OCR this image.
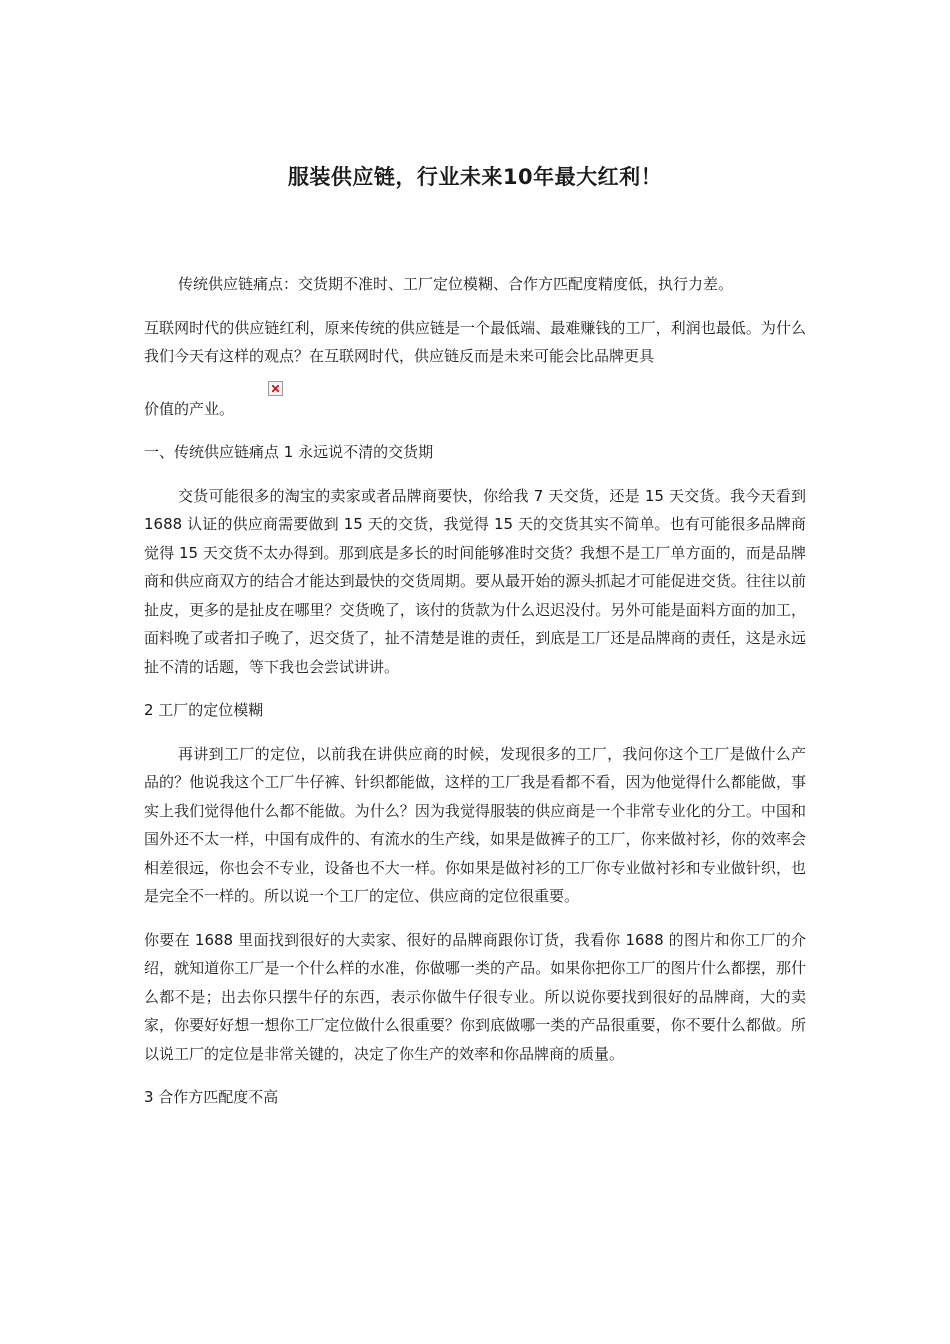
服装供应链，行业未来10年最大红利！

传统供应链痛点：交货期不准时、工厂定位模糊、合作方匹配度精度低，执行力差。

互联网时代的供应链红利，原来传统的供应链是一个最低端、最难赚钱的工厂，利润也最低。为什么我们今天有这样的观点？在互联网时代，供应链反而是未来可能会比品牌更具

价值的产业。

一、传统供应链痛点 1 永远说不清的交货期

交货可能很多的淘宝的卖家或者品牌商要快，你给我 7 天交货，还是 15 天交货。我今天看到 1688 认证的供应商需要做到 15 天的交货，我觉得 15 天的交货其实不简单。也有可能很多品牌商觉得 15 天交货不太办得到。那到底是多长的时间能够准时交货？我想不是工厂单方面的，而是品牌商和供应商双方的结合才能达到最快的交货周期。要从最开始的源头抓起才可能促进交货。往往以前扯皮，更多的是扯皮在哪里？交货晚了，该付的货款为什么迟迟没付。另外可能是面料方面的加工，面料晚了或者扣子晚了，迟交货了，扯不清楚是谁的责任，到底是工厂还是品牌商的责任，这是永远扯不清的话题，等下我也会尝试讲讲。

2 工厂的定位模糊

再讲到工厂的定位，以前我在讲供应商的时候，发现很多的工厂，我问你这个工厂是做什么产品的？他说我这个工厂牛仔裤、针织都能做，这样的工厂我是看都不看，因为他觉得什么都能做，事实上我们觉得他什么都不能做。为什么？因为我觉得服装的供应商是一个非常专业化的分工。中国和国外还不太一样，中国有成件的、有流水的生产线，如果是做裤子的工厂，你来做衬衫，你的效率会相差很远，你也会不专业，设备也不大一样。你如果是做衬衫的工厂你专业做衬衫和专业做针织，也是完全不一样的。所以说一个工厂的定位、供应商的定位很重要。

你要在 1688 里面找到很好的大卖家、很好的品牌商跟你订货，我看你 1688 的图片和你工厂的介绍，就知道你工厂是一个什么样的水准，你做哪一类的产品。如果你把你工厂的图片什么都摆，那什么都不是；出去你只摆牛仔的东西，表示你做牛仔很专业。所以说你要找到很好的品牌商，大的卖家，你要好好想一想你工厂定位做什么很重要？你到底做哪一类的产品很重要，你不要什么都做。所以说工厂的定位是非常关键的，决定了你生产的效率和你品牌商的质量。

3 合作方匹配度不高
